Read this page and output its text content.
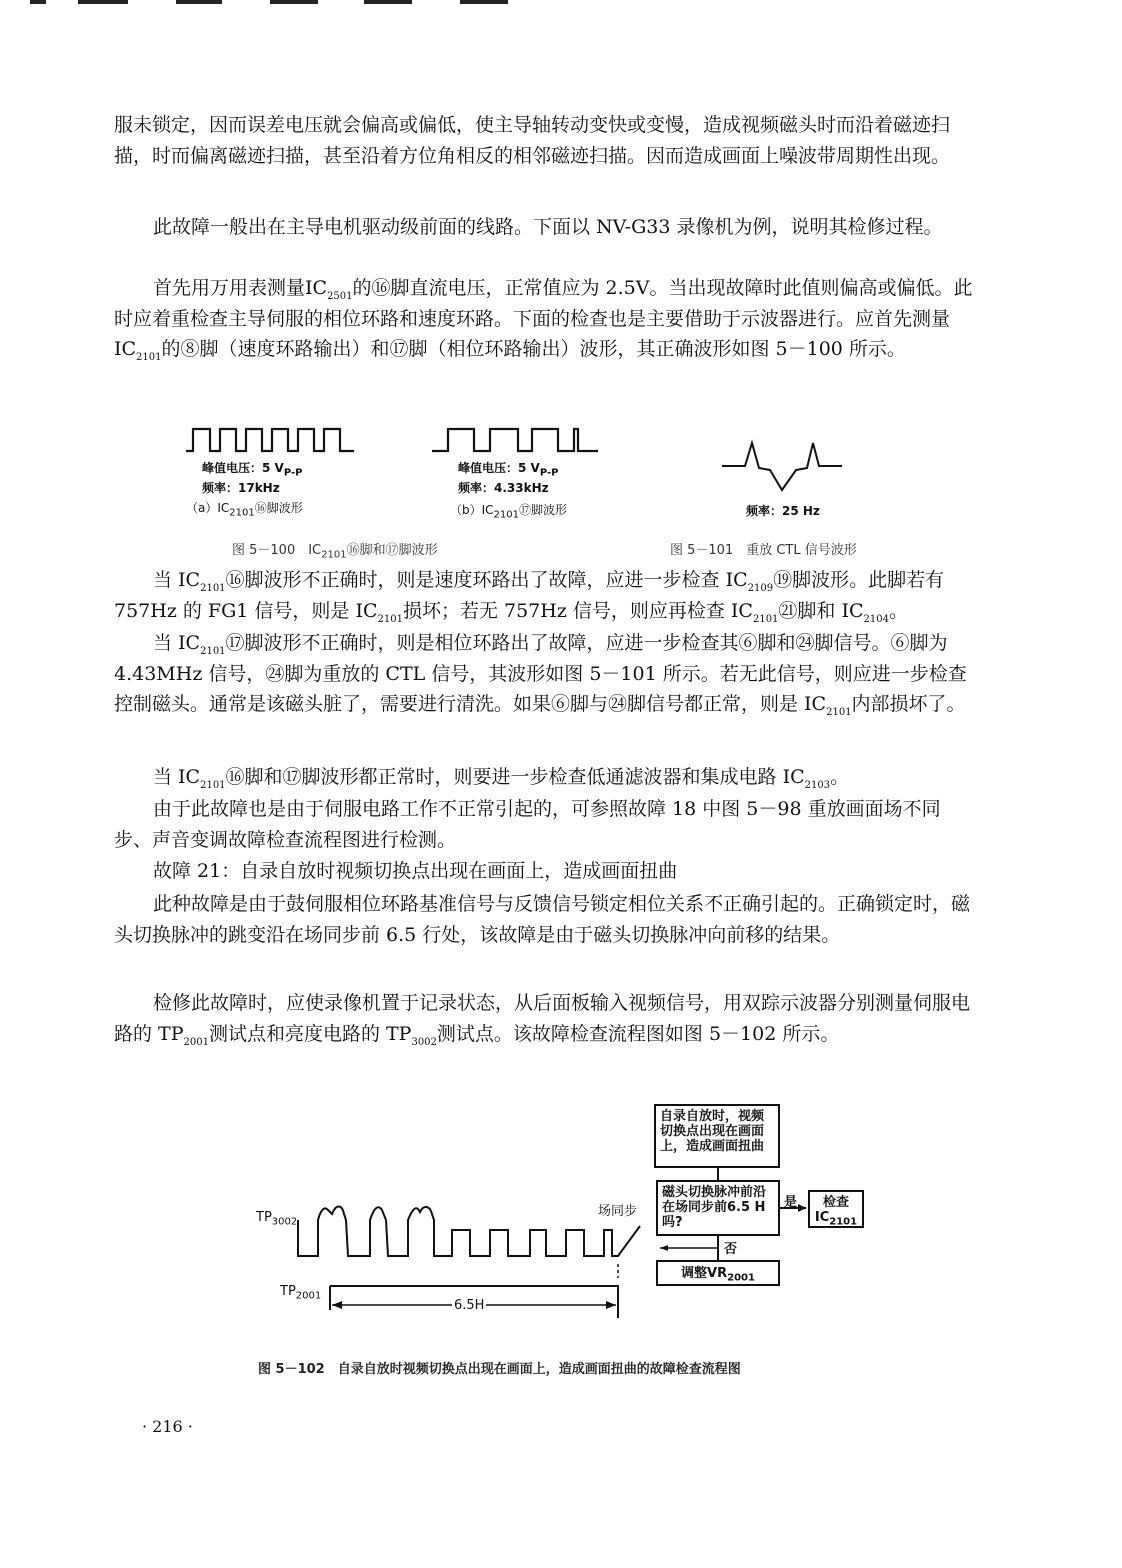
服未锁定，因而误差电压就会偏高或偏低，使主导轴转动变快或变慢，造成视频磁头时而沿着磁迹扫描，时而偏离磁迹扫描，甚至沿着方位角相反的相邻磁迹扫描。因而造成画面上噪波带周期性出现。

此故障一般出在主导电机驱动级前面的线路。下面以 NV-G33 录像机为例，说明其检修过程。

首先用万用表测量$IC_{2501}$的⑯脚直流电压，正常值应为 2.5V。当出现故障时此值则偏高或偏低。此时应着重检查主导伺服的相位环路和速度环路。下面的检查也是主要借助于示波器进行。应首先测量$IC_{2101}$的⑧脚（速度环路输出）和⑰脚（相位环路输出）波形，其正确波形如图 5－100 所示。

峰值电压：5 $V_{P-P}$
频率：17kHz
$(a)IC_{2101}⑯$脚波形
峰值电压：5 $V_{P-P}$
频率：4.33kHz
$(b)IC_{2101}⑰$脚波形	频率：25 Hz
图 5－100　$IC_{2101}⑯$脚和⑰脚波形	图 5－101　重放 CTL 信号波形

当 $IC_{2101}⑯$脚波形不正确时，则是速度环路出了故障，应进一步检查 $IC_{2109}⑲$脚波形。此脚若有 757Hz 的 FG1 信号，则是 $IC_{2101}$损坏；若无 757Hz 信号，则应再检查 $IC_{2101}㉑$脚和 $IC_{2104}$。

当 $IC_{2101}⑰$脚波形不正确时，则是相位环路出了故障，应进一步检查其⑥脚和㉔脚信号。⑥脚为 4.43MHz 信号，㉔脚为重放的 CTL 信号，其波形如图 5－101 所示。若无此信号，则应进一步检查控制磁头。通常是该磁头脏了，需要进行清洗。如果⑥脚与㉔脚信号都正常，则是 $IC_{2101}$内部损坏了。

当 $IC_{2101}⑯$脚和⑰脚波形都正常时，则要进一步检查低通滤波器和集成电路 $IC_{2103}$。

由于此故障也是由于伺服电路工作不正常引起的，可参照故障 18 中图 5－98 重放画面场不同步、声音变调故障检查流程图进行检测。

故障 21：自录自放时视频切换点出现在画面上，造成画面扭曲

此种故障是由于鼓伺服相位环路基准信号与反馈信号锁定相位关系不正确引起的。正确锁定时，磁头切换脉冲的跳变沿在场同步前 6.5 行处，该故障是由于磁头切换脉冲向前移的结果。

检修此故障时，应使录像机置于记录状态，从后面板输入视频信号，用双踪示波器分别测量伺服电路的 $TP_{2001}$测试点和亮度电路的 $TP_{3002}$测试点。该故障检查流程图如图 5－102 所示。

$TP_{3002}$
$TP_{2001}$
场同步
6.5H
自录自放时，视频切换点出现在画面上，造成画面扭曲
磁头切换脉冲前沿在场同步前6.5 H吗?
检查$IC_{2101}$
调整$VR_{2001}$
是
否
图 5－102　自录自放时视频切换点出现在画面上，造成画面扭曲的故障检查流程图
· 216 ·
